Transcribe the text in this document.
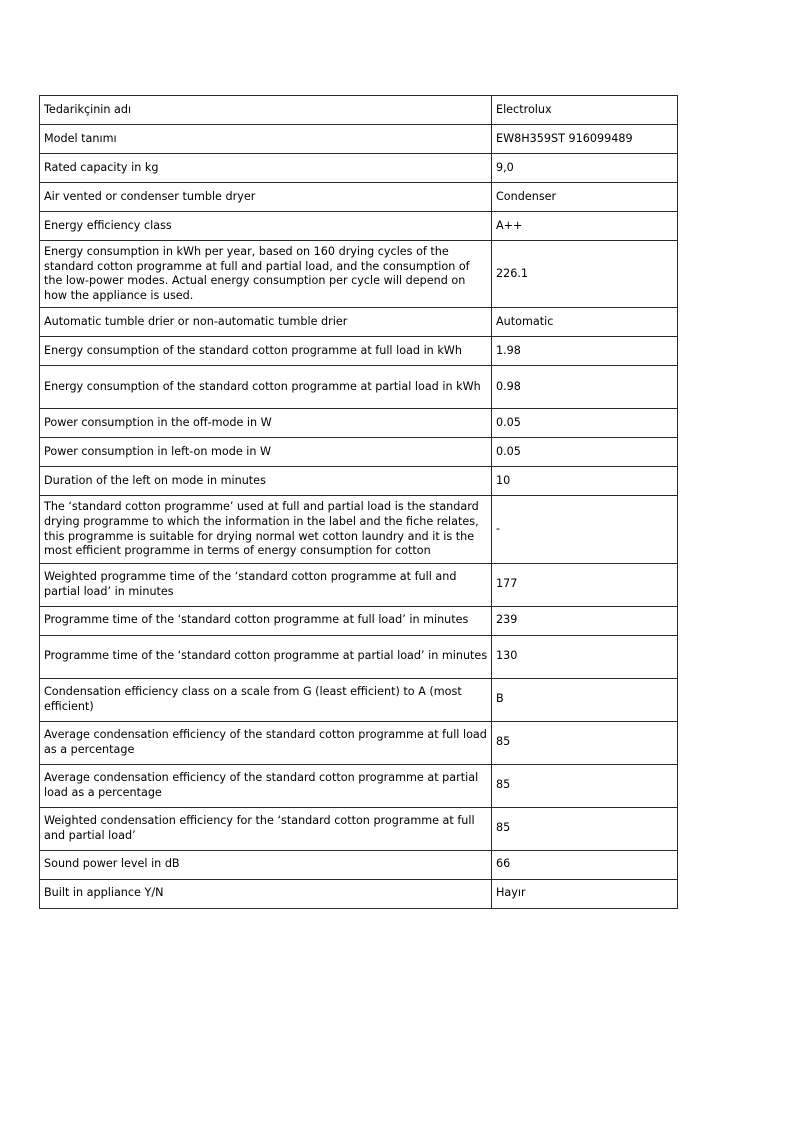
Tedarikçinin adı	Electrolux
Model tanımı	EW8H359ST 916099489
Rated capacity in kg	9,0
Air vented or condenser tumble dryer	Condenser
Energy efficiency class	A++
Energy consumption in kWh per year, based on 160 drying cycles of the standard cotton programme at full and partial load, and the consumption of the low-power modes. Actual energy consumption per cycle will depend on how the appliance is used.	226.1
Automatic tumble drier or non-automatic tumble drier	Automatic
Energy consumption of the standard cotton programme at full load in kWh	1.98
Energy consumption of the standard cotton programme at partial load in kWh	0.98
Power consumption in the off-mode in W	0.05
Power consumption in left-on mode in W	0.05
Duration of the left on mode in minutes	10
The ‘standard cotton programme’ used at full and partial load is the standard drying programme to which the information in the label and the fiche relates, this programme is suitable for drying normal wet cotton laundry and it is the most efficient programme in terms of energy consumption for cotton	-
Weighted programme time of the ‘standard cotton programme at full and partial load’ in minutes	177
Programme time of the ‘standard cotton programme at full load’ in minutes	239
Programme time of the ‘standard cotton programme at partial load’ in minutes	130
Condensation efficiency class on a scale from G (least efficient) to A (most efficient)	B
Average condensation efficiency of the standard cotton programme at full load as a percentage	85
Average condensation efficiency of the standard cotton programme at partial load as a percentage	85
Weighted condensation efficiency for the ‘standard cotton programme at full and partial load’	85
Sound power level in dB	66
Built in appliance Y/N	Hayır
